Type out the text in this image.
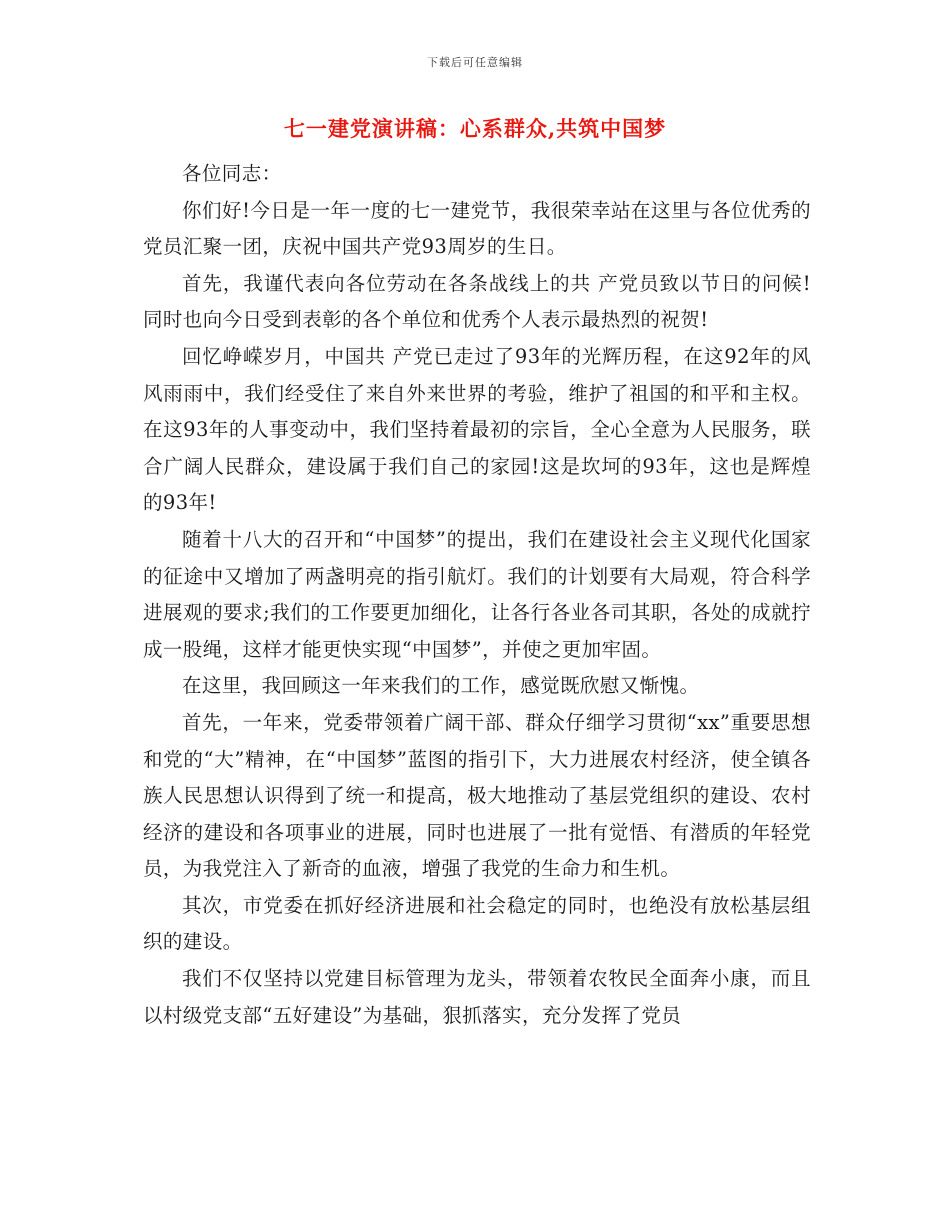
下载后可任意编辑
七一建党演讲稿：心系群众,共筑中国梦

各位同志：

你们好!今日是一年一度的七一建党节，我很荣幸站在这里与各位优秀的党员汇聚一团，庆祝中国共产党93周岁的生日。

首先，我谨代表向各位劳动在各条战线上的共 产党员致以节日的问候!同时也向今日受到表彰的各个单位和优秀个人表示最热烈的祝贺!

回忆峥嵘岁月，中国共 产党已走过了93年的光辉历程，在这92年的风风雨雨中，我们经受住了来自外来世界的考验，维护了祖国的和平和主权。在这93年的人事变动中，我们坚持着最初的宗旨，全心全意为人民服务，联合广阔人民群众，建设属于我们自己的家园!这是坎坷的93年，这也是辉煌的93年!

随着十八大的召开和“中国梦”的提出，我们在建设社会主义现代化国家的征途中又增加了两盏明亮的指引航灯。我们的计划要有大局观，符合科学进展观的要求;我们的工作要更加细化，让各行各业各司其职，各处的成就拧成一股绳，这样才能更快实现“中国梦”，并使之更加牢固。

在这里，我回顾这一年来我们的工作，感觉既欣慰又惭愧。

首先，一年来，党委带领着广阔干部、群众仔细学习贯彻“xx”重要思想和党的“大”精神，在“中国梦”蓝图的指引下，大力进展农村经济，使全镇各族人民思想认识得到了统一和提高，极大地推动了基层党组织的建设、农村经济的建设和各项事业的进展，同时也进展了一批有觉悟、有潜质的年轻党员，为我党注入了新奇的血液，增强了我党的生命力和生机。

其次，市党委在抓好经济进展和社会稳定的同时，也绝没有放松基层组织的建设。

我们不仅坚持以党建目标管理为龙头，带领着农牧民全面奔小康，而且以村级党支部“五好建设”为基础，狠抓落实，充分发挥了党员
